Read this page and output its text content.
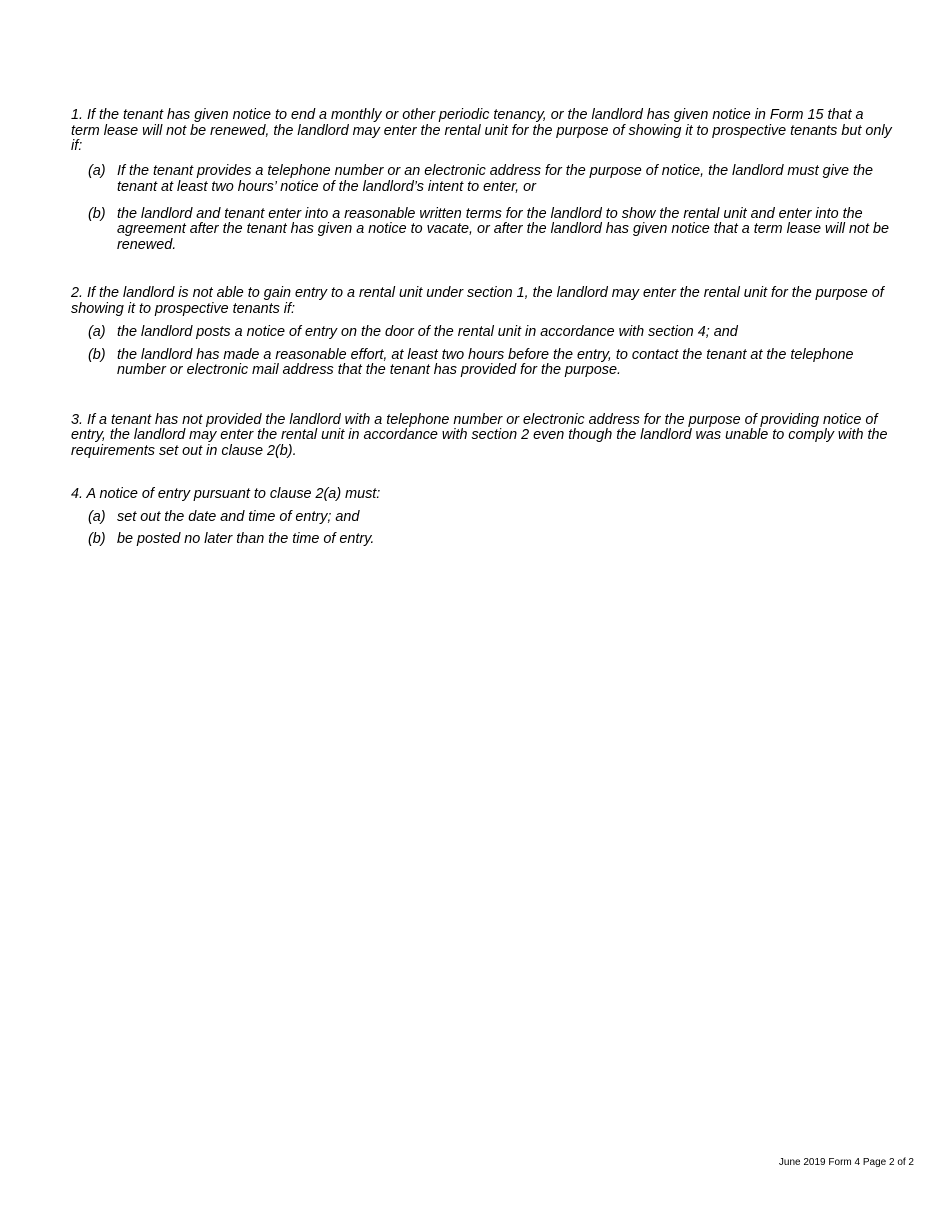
1. If the tenant has given notice to end a monthly or other periodic tenancy, or the landlord has given notice in Form 15 that a term lease will not be renewed, the landlord may enter the rental unit for the purpose of showing it to prospective tenants but only if:

(a) If the tenant provides a telephone number or an electronic address for the purpose of notice, the landlord must give the tenant at least two hours’ notice of the landlord’s intent to enter, or
(b) the landlord and tenant enter into a reasonable written terms for the landlord to show the rental unit and enter into the agreement after the tenant has given a notice to vacate, or after the landlord has given notice that a term lease will not be renewed.

2. If the landlord is not able to gain entry to a rental unit under section 1, the landlord may enter the rental unit for the purpose of showing it to prospective tenants if:

(a) the landlord posts a notice of entry on the door of the rental unit in accordance with section 4; and
(b) the landlord has made a reasonable effort, at least two hours before the entry, to contact the tenant at the telephone number or electronic mail address that the tenant has provided for the purpose.

3. If a tenant has not provided the landlord with a telephone number or electronic address for the purpose of providing notice of entry, the landlord may enter the rental unit in accordance with section 2 even though the landlord was unable to comply with the requirements set out in clause 2(b).

4. A notice of entry pursuant to clause 2(a) must:

(a) set out the date and time of entry; and
(b) be posted no later than the time of entry.
June 2019 Form 4 Page 2 of 2
